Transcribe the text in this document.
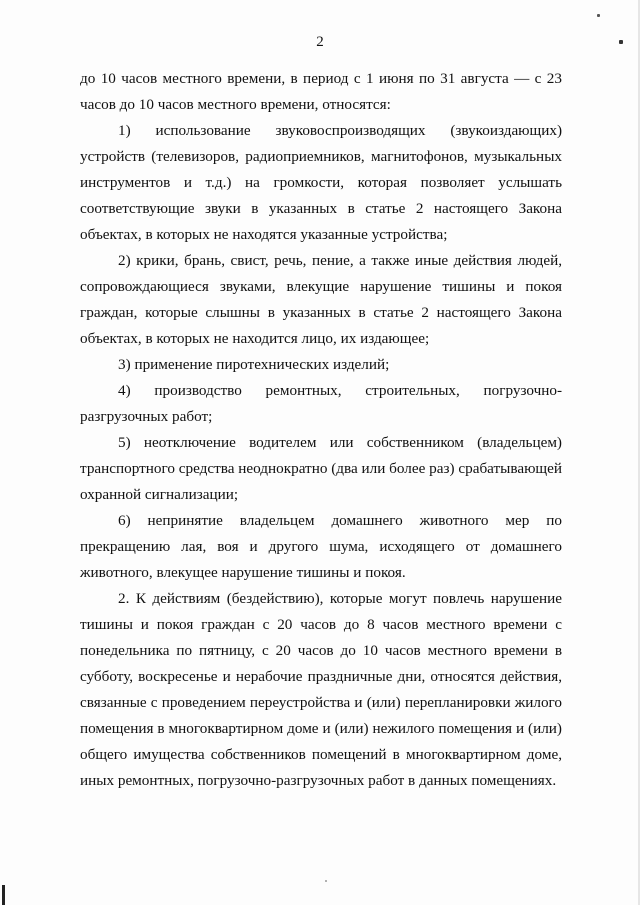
2

до 10 часов местного времени, в период с 1 июня по 31 августа — с 23 часов до 10 часов местного времени, относятся:

1) использование звуковоспроизводящих (звукоиздающих) устройств (телевизоров, радиоприемников, магнитофонов, музыкальных инструментов и т.д.) на громкости, которая позволяет услышать соответствующие звуки в указанных в статье 2 настоящего Закона объектах, в которых не находятся указанные устройства;

2) крики, брань, свист, речь, пение, а также иные действия людей, сопровождающиеся звуками, влекущие нарушение тишины и покоя граждан, которые слышны в указанных в статье 2 настоящего Закона объектах, в которых не находится лицо, их издающее;

3) применение пиротехнических изделий;

4) производство ремонтных, строительных, погрузочно-разгрузочных работ;

5) неотключение водителем или собственником (владельцем) транспортного средства неоднократно (два или более раз) срабатывающей охранной сигнализации;

6) непринятие владельцем домашнего животного мер по прекращению лая, воя и другого шума, исходящего от домашнего животного, влекущее нарушение тишины и покоя.

2. К действиям (бездействию), которые могут повлечь нарушение тишины и покоя граждан с 20 часов до 8 часов местного времени с понедельника по пятницу, с 20 часов до 10 часов местного времени в субботу, воскресенье и нерабочие праздничные дни, относятся действия, связанные с проведением переустройства и (или) перепланировки жилого помещения в многоквартирном доме и (или) нежилого помещения и (или) общего имущества собственников помещений в многоквартирном доме, иных ремонтных, погрузочно-разгрузочных работ в данных помещениях.
